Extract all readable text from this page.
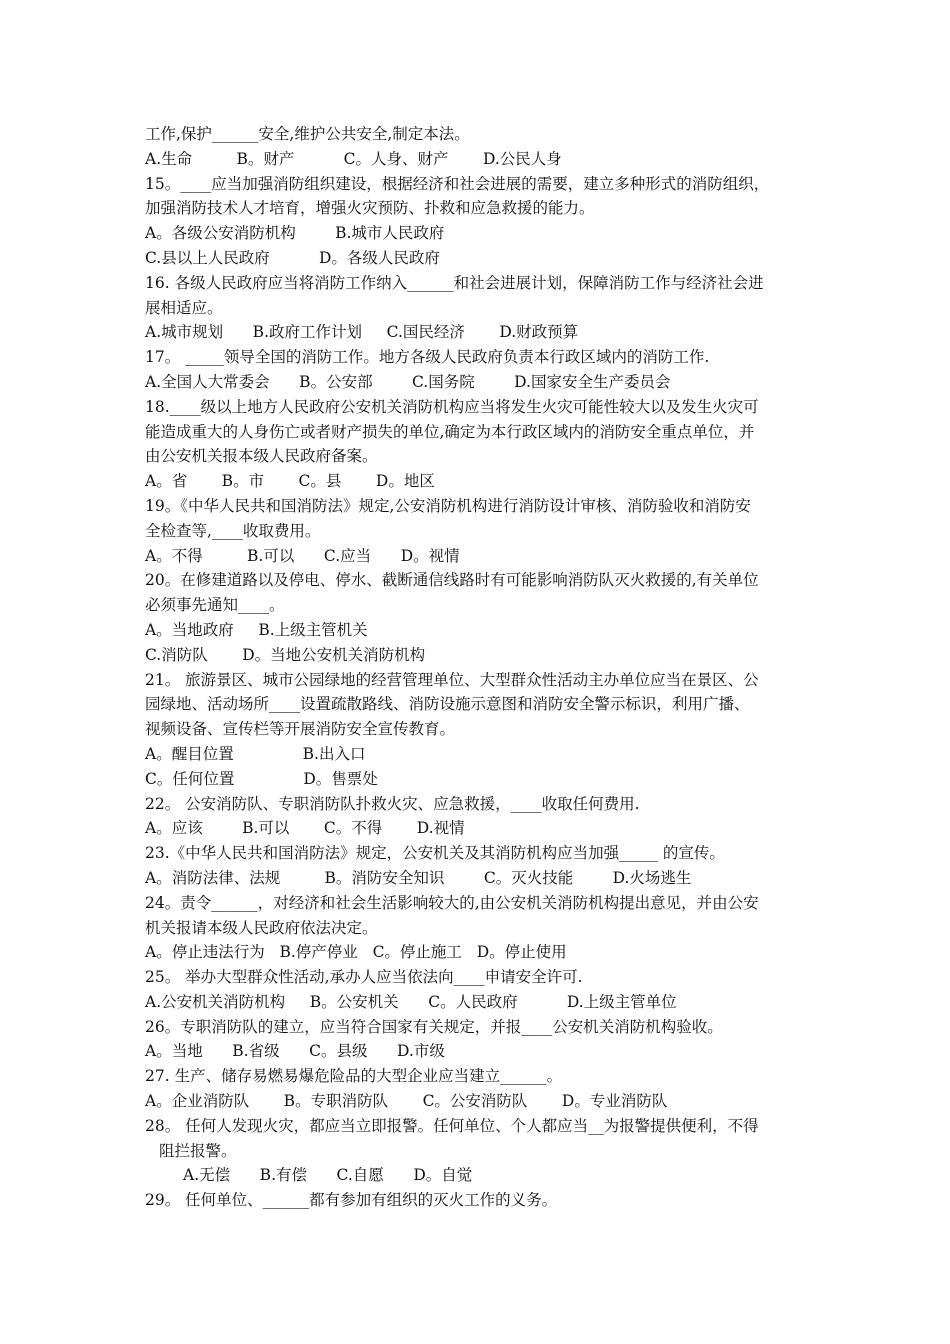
工作,保护______安全,维护公共安全,制定本法。
A.生命         B。财产          C。人身、财产       D.公民人身
15。____应当加强消防组织建设，根据经济和社会进展的需要，建立多种形式的消防组织，
加强消防技术人才培育，增强火灾预防、扑救和应急救援的能力。
A。各级公安消防机构        B.城市人民政府
C.县以上人民政府          D。各级人民政府
16. 各级人民政府应当将消防工作纳入______和社会进展计划，保障消防工作与经济社会进
展相适应。
A.城市规划      B.政府工作计划     C.国民经济       D.财政预算
17。 _____领导全国的消防工作。地方各级人民政府负责本行政区域内的消防工作.
A.全国人大常委会      B。公安部        C.国务院        D.国家安全生产委员会
18.____级以上地方人民政府公安机关消防机构应当将发生火灾可能性较大以及发生火灾可
能造成重大的人身伤亡或者财产损失的单位,确定为本行政区域内的消防安全重点单位，并
由公安机关报本级人民政府备案。
A。省       B。市       C。县       D。地区
19。《中华人民共和国消防法》规定,公安消防机构进行消防设计审核、消防验收和消防安
全检查等,____收取费用。
A。不得         B.可以      C.应当      D。视情
20。在修建道路以及停电、停水、截断通信线路时有可能影响消防队灭火救援的,有关单位
必须事先通知____。
A。当地政府     B.上级主管机关
C.消防队       D。当地公安机关消防机构
21。 旅游景区、城市公园绿地的经营管理单位、大型群众性活动主办单位应当在景区、公
园绿地、活动场所____设置疏散路线、消防设施示意图和消防安全警示标识，利用广播、
视频设备、宣传栏等开展消防安全宣传教育。
A。醒目位置              B.出入口
C。任何位置              D。售票处
22。 公安消防队、专职消防队扑救火灾、应急救援，____收取任何费用.
A。应该        B.可以       C。不得       D.视情
23.《中华人民共和国消防法》规定，公安机关及其消防机构应当加强_____ 的宣传。
A。消防法律、法规         B。消防安全知识        C。灭火技能        D.火场逃生
24。责令______，对经济和社会生活影响较大的,由公安机关消防机构提出意见，并由公安
机关报请本级人民政府依法决定。
A。停止违法行为   B.停产停业   C。停止施工   D。停止使用
25。 举办大型群众性活动,承办人应当依法向____申请安全许可.
A.公安机关消防机构     B。公安机关      C。人民政府          D.上级主管单位
26。专职消防队的建立，应当符合国家有关规定，并报____公安机关消防机构验收。
A。当地      B.省级      C。县级      D.市级
27. 生产、储存易燃易爆危险品的大型企业应当建立______。
A。企业消防队       B。专职消防队       C。公安消防队       D。专业消防队
28。 任何人发现火灾，都应当立即报警。任何单位、个人都应当__为报警提供便利，不得
阻拦报警。
A.无偿      B.有偿      C.自愿      D。自觉
29。 任何单位、______都有参加有组织的灭火工作的义务。
